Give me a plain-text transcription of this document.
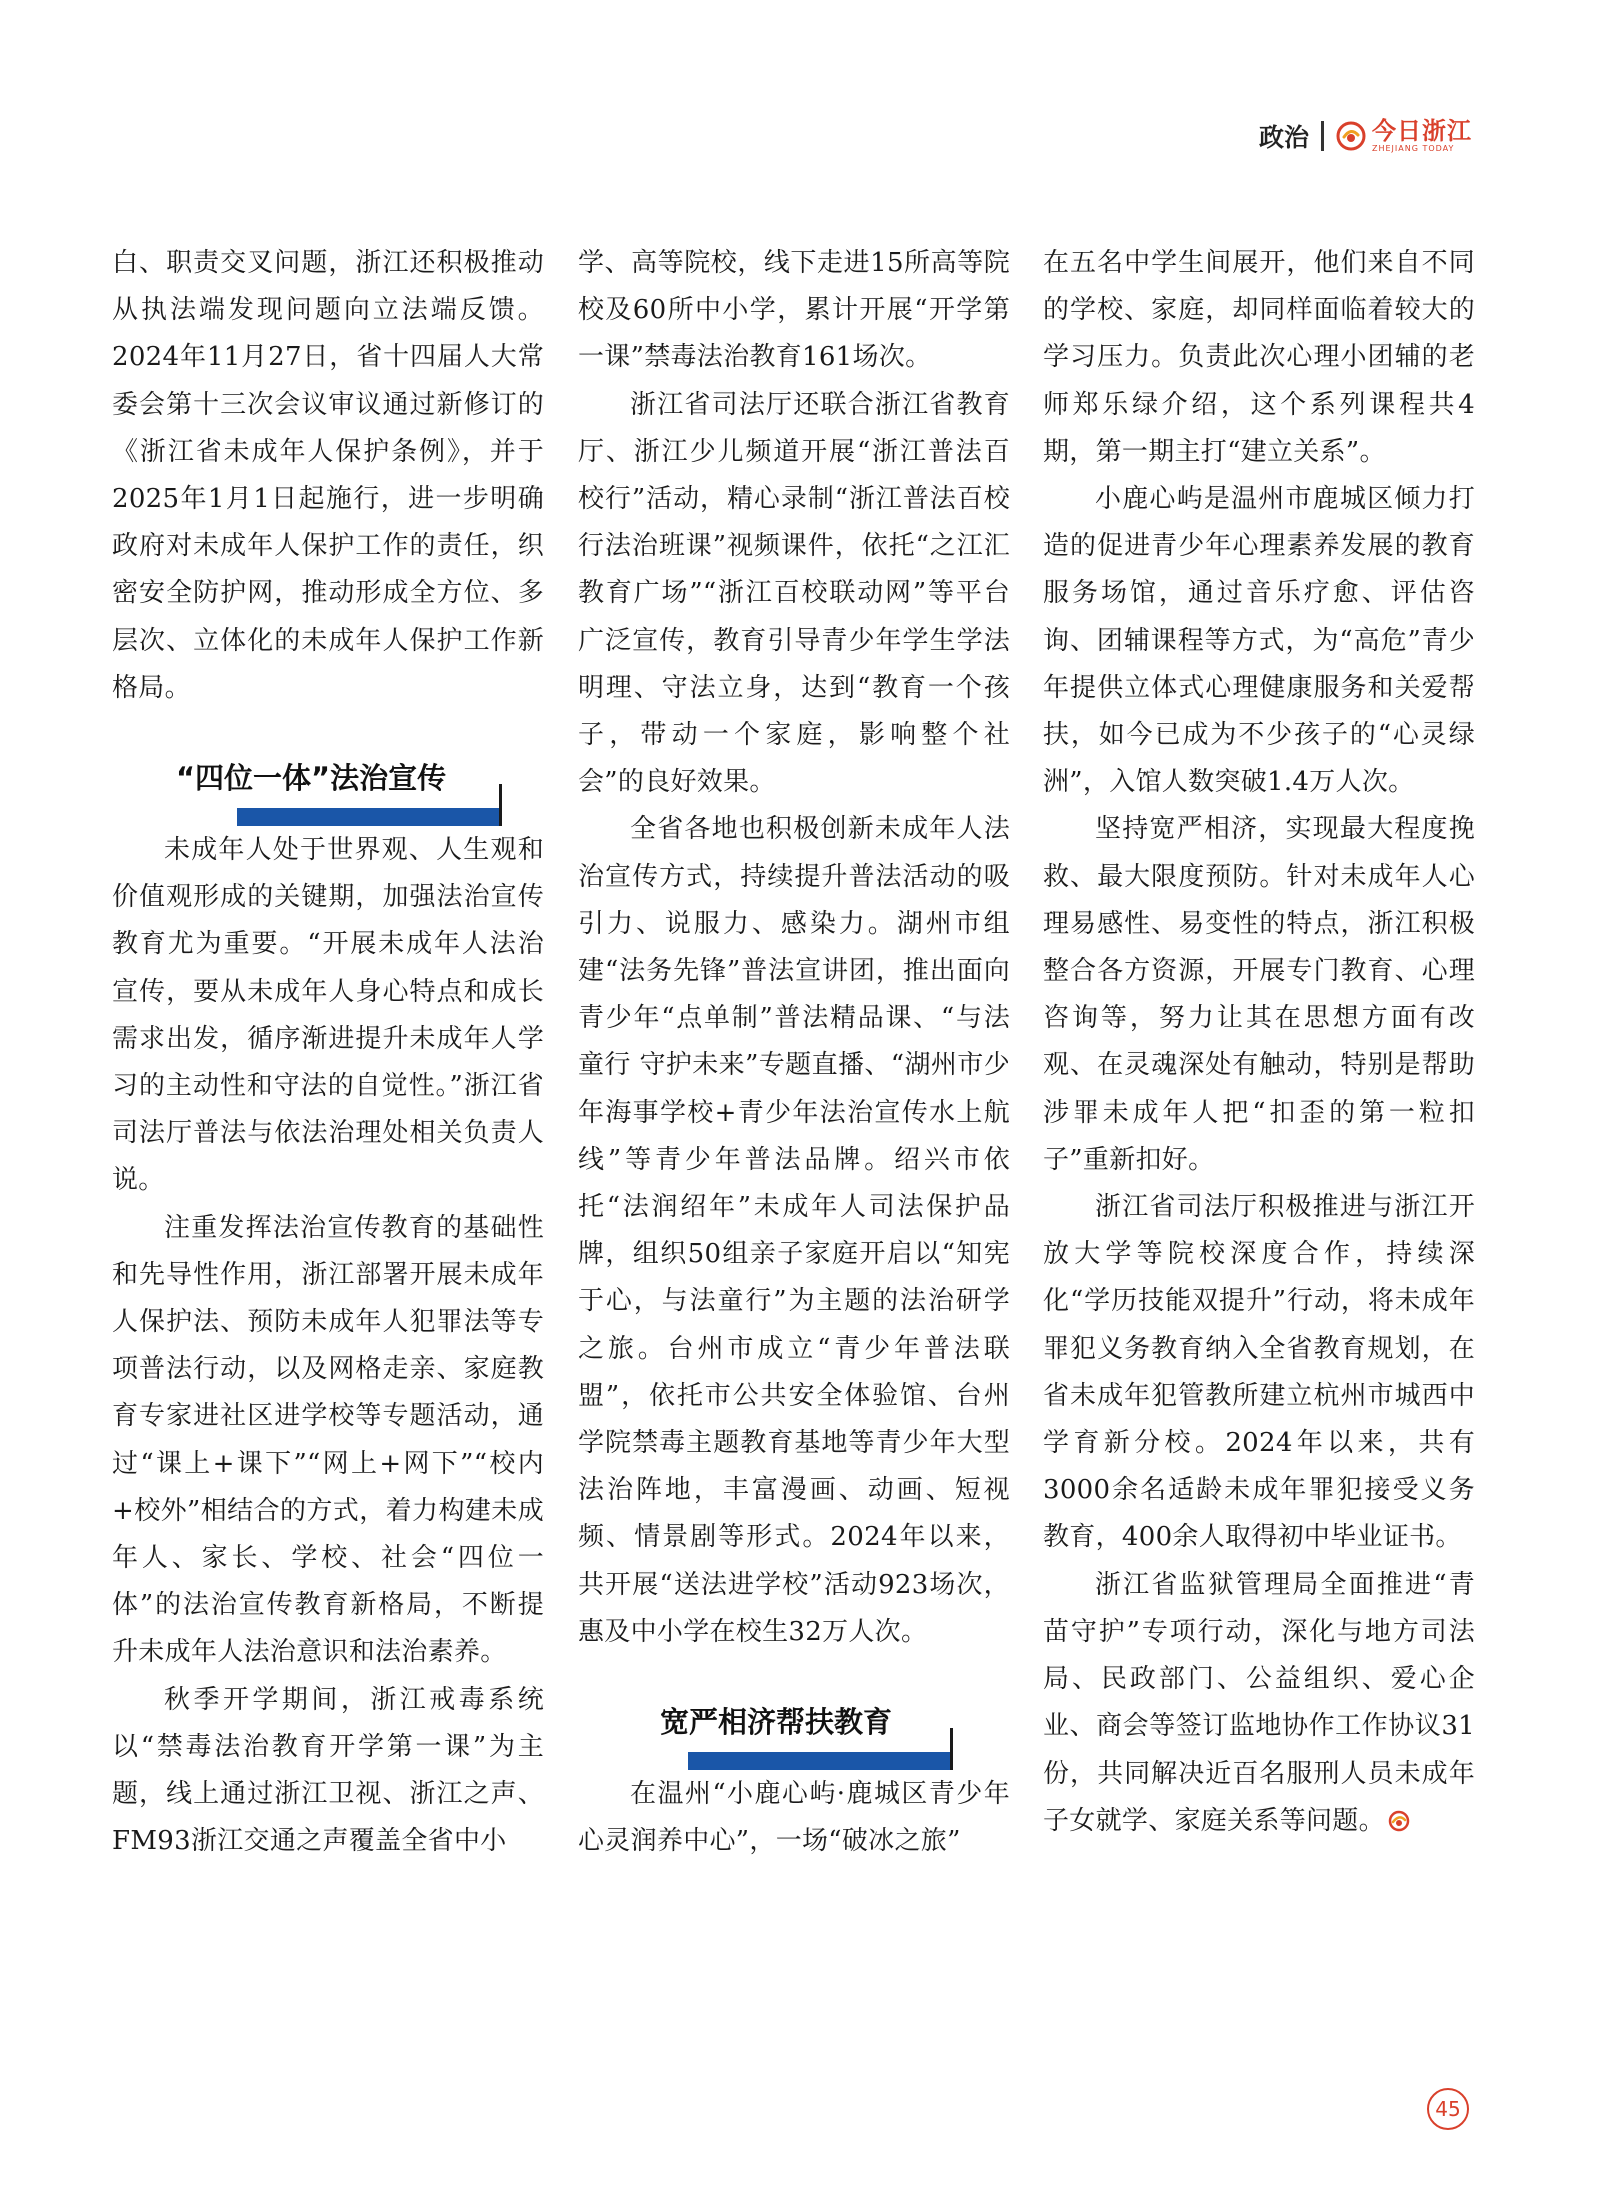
政治	今日浙江
ZHEJIANG TODAY

白、职责交叉问题，浙江还积极推动从执法端发现问题向立法端反馈。2024年11月27日，省十四届人大常委会第十三次会议审议通过新修订的《浙江省未成年人保护条例》，并于2025年1月1日起施行，进一步明确政府对未成年人保护工作的责任，织密安全防护网，推动形成全方位、多层次、立体化的未成年人保护工作新格局。

“四位一体”法治宣传

未成年人处于世界观、人生观和价值观形成的关键期，加强法治宣传教育尤为重要。“开展未成年人法治宣传，要从未成年人身心特点和成长需求出发，循序渐进提升未成年人学习的主动性和守法的自觉性。”浙江省司法厅普法与依法治理处相关负责人说。

注重发挥法治宣传教育的基础性和先导性作用，浙江部署开展未成年人保护法、预防未成年人犯罪法等专项普法行动，以及网格走亲、家庭教育专家进社区进学校等专题活动，通过“课上+课下”“网上+网下”“校内+校外”相结合的方式，着力构建未成年人、家长、学校、社会“四位一体”的法治宣传教育新格局，不断提升未成年人法治意识和法治素养。

秋季开学期间，浙江戒毒系统以“禁毒法治教育开学第一课”为主题，线上通过浙江卫视、浙江之声、FM93浙江交通之声覆盖全省中小

学、高等院校，线下走进15所高等院校及60所中小学，累计开展“开学第一课”禁毒法治教育161场次。

浙江省司法厅还联合浙江省教育厅、浙江少儿频道开展“浙江普法百校行”活动，精心录制“浙江普法百校行法治班课”视频课件，依托“之江汇教育广场”“浙江百校联动网”等平台广泛宣传，教育引导青少年学生学法明理、守法立身，达到“教育一个孩子，带动一个家庭，影响整个社会”的良好效果。

全省各地也积极创新未成年人法治宣传方式，持续提升普法活动的吸引力、说服力、感染力。湖州市组建“法务先锋”普法宣讲团，推出面向青少年“点单制”普法精品课、“与法童行 守护未来”专题直播、“湖州市少年海事学校+青少年法治宣传水上航线”等青少年普法品牌。绍兴市依托“法润绍年”未成年人司法保护品牌，组织50组亲子家庭开启以“知宪于心，与法童行”为主题的法治研学之旅。台州市成立“青少年普法联盟”，依托市公共安全体验馆、台州学院禁毒主题教育基地等青少年大型法治阵地，丰富漫画、动画、短视频、情景剧等形式。2024年以来，共开展“送法进学校”活动923场次，惠及中小学在校生32万人次。

宽严相济帮扶教育

在温州“小鹿心屿·鹿城区青少年心灵润养中心”，一场“破冰之旅”

在五名中学生间展开，他们来自不同的学校、家庭，却同样面临着较大的学习压力。负责此次心理小团辅的老师郑乐绿介绍，这个系列课程共4期，第一期主打“建立关系”。

小鹿心屿是温州市鹿城区倾力打造的促进青少年心理素养发展的教育服务场馆，通过音乐疗愈、评估咨询、团辅课程等方式，为“高危”青少年提供立体式心理健康服务和关爱帮扶，如今已成为不少孩子的“心灵绿洲”，入馆人数突破1.4万人次。

坚持宽严相济，实现最大程度挽救、最大限度预防。针对未成年人心理易感性、易变性的特点，浙江积极整合各方资源，开展专门教育、心理咨询等，努力让其在思想方面有改观、在灵魂深处有触动，特别是帮助涉罪未成年人把“扣歪的第一粒扣子”重新扣好。

浙江省司法厅积极推进与浙江开放大学等院校深度合作，持续深化“学历技能双提升”行动，将未成年罪犯义务教育纳入全省教育规划，在省未成年犯管教所建立杭州市城西中学育新分校。2024年以来，共有3000余名适龄未成年罪犯接受义务教育，400余人取得初中毕业证书。

浙江省监狱管理局全面推进“青苗守护”专项行动，深化与地方司法局、民政部门、公益组织、爱心企业、商会等签订监地协作工作协议31份，共同解决近百名服刑人员未成年子女就学、家庭关系等问题。

45
